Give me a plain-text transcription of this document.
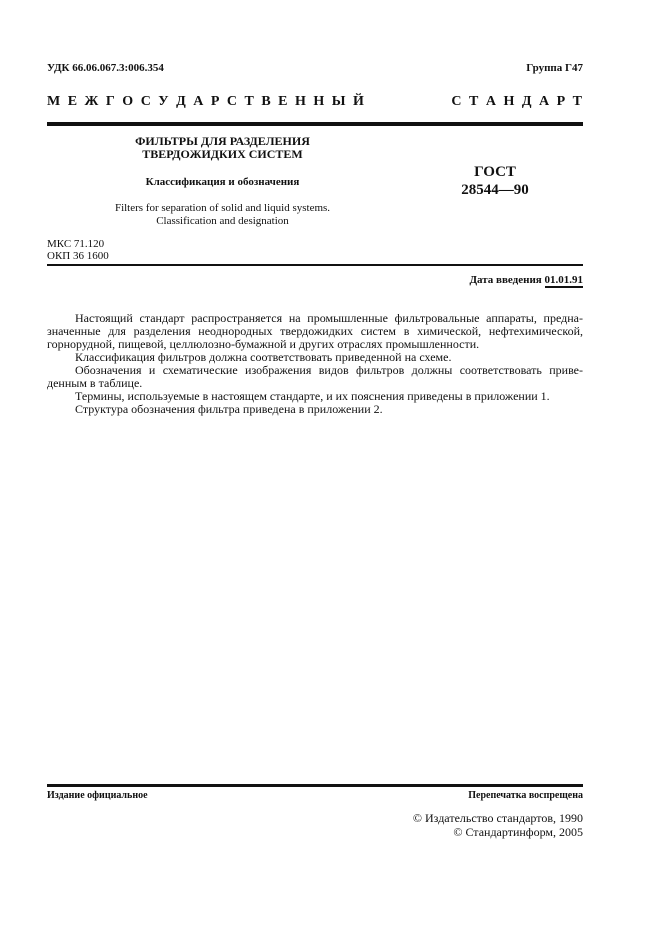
УДК 66.06.067.3:006.354	Группа Г47
М Е Ж Г О С У Д А Р С Т В Е Н Н Ы Й	С Т А Н Д А Р Т
ФИЛЬТРЫ ДЛЯ РАЗДЕЛЕНИЯ
ТВЕРДОЖИДКИХ СИСТЕМ
Классификация и обозначения
Filters for separation of solid and liquid systems.
Classification and designation
ГОСТ
28544—90
МКС 71.120
ОКП 36 1600
Дата введения 01.01.91
Настоящий стандарт распространяется на промышленные фильтровальные аппараты, предна-
значенные для разделения неоднородных твердожидких систем в химической, нефтехимической,
горнорудной, пищевой, целлюлозно-бумажной и других отраслях промышленности.
Классификация фильтров должна соответствовать приведенной на схеме.
Обозначения и схематические изображения видов фильтров должны соответствовать приве-
денным в таблице.
Термины, используемые в настоящем стандарте, и их пояснения приведены в приложении 1.
Структура обозначения фильтра приведена в приложении 2.
Издание официальное	Перепечатка воспрещена
© Издательство стандартов, 1990
© Стандартинформ, 2005
